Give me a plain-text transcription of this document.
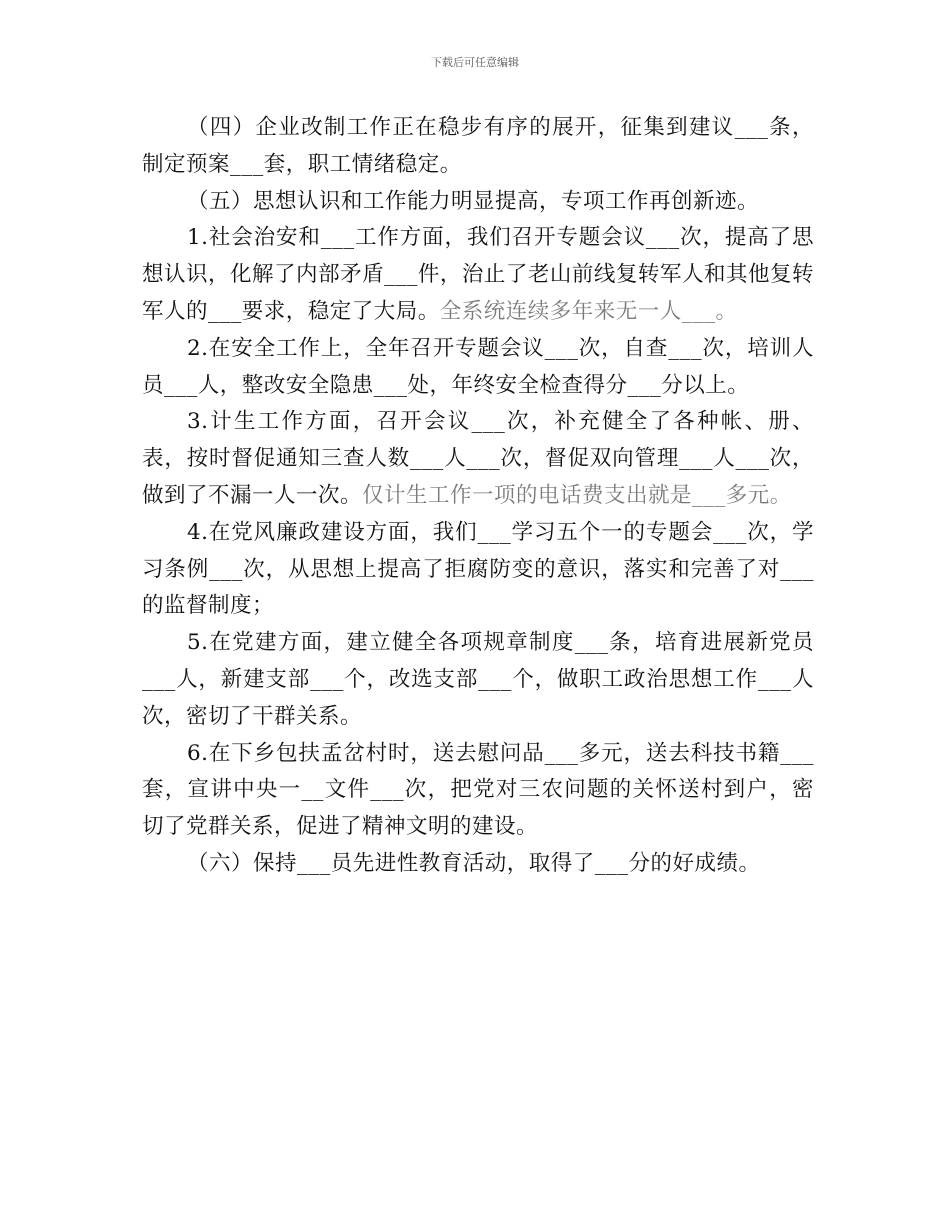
下载后可任意编辑

（四）企业改制工作正在稳步有序的展开，征集到建议___条，制定预案___套，职工情绪稳定。

（五）思想认识和工作能力明显提高，专项工作再创新迹。

1.社会治安和___工作方面，我们召开专题会议___次，提高了思想认识，化解了内部矛盾___件，治止了老山前线复转军人和其他复转军人的___要求，稳定了大局。全系统连续多年来无一人___。

2.在安全工作上，全年召开专题会议___次，自查___次，培训人员___人，整改安全隐患___处，年终安全检查得分___分以上。

3.计生工作方面，召开会议___次，补充健全了各种帐、册、表，按时督促通知三查人数___人___次，督促双向管理___人___次，做到了不漏一人一次。仅计生工作一项的电话费支出就是___多元。

4.在党风廉政建设方面，我们___学习五个一的专题会___次，学习条例___次，从思想上提高了拒腐防变的意识，落实和完善了对___的监督制度；

5.在党建方面，建立健全各项规章制度___条，培育进展新党员___人，新建支部___个，改选支部___个，做职工政治思想工作___人次，密切了干群关系。

6.在下乡包扶孟岔村时，送去慰问品___多元，送去科技书籍___套，宣讲中央一__文件___次，把党对三农问题的关怀送村到户，密切了党群关系，促进了精神文明的建设。

（六）保持___员先进性教育活动，取得了___分的好成绩。
